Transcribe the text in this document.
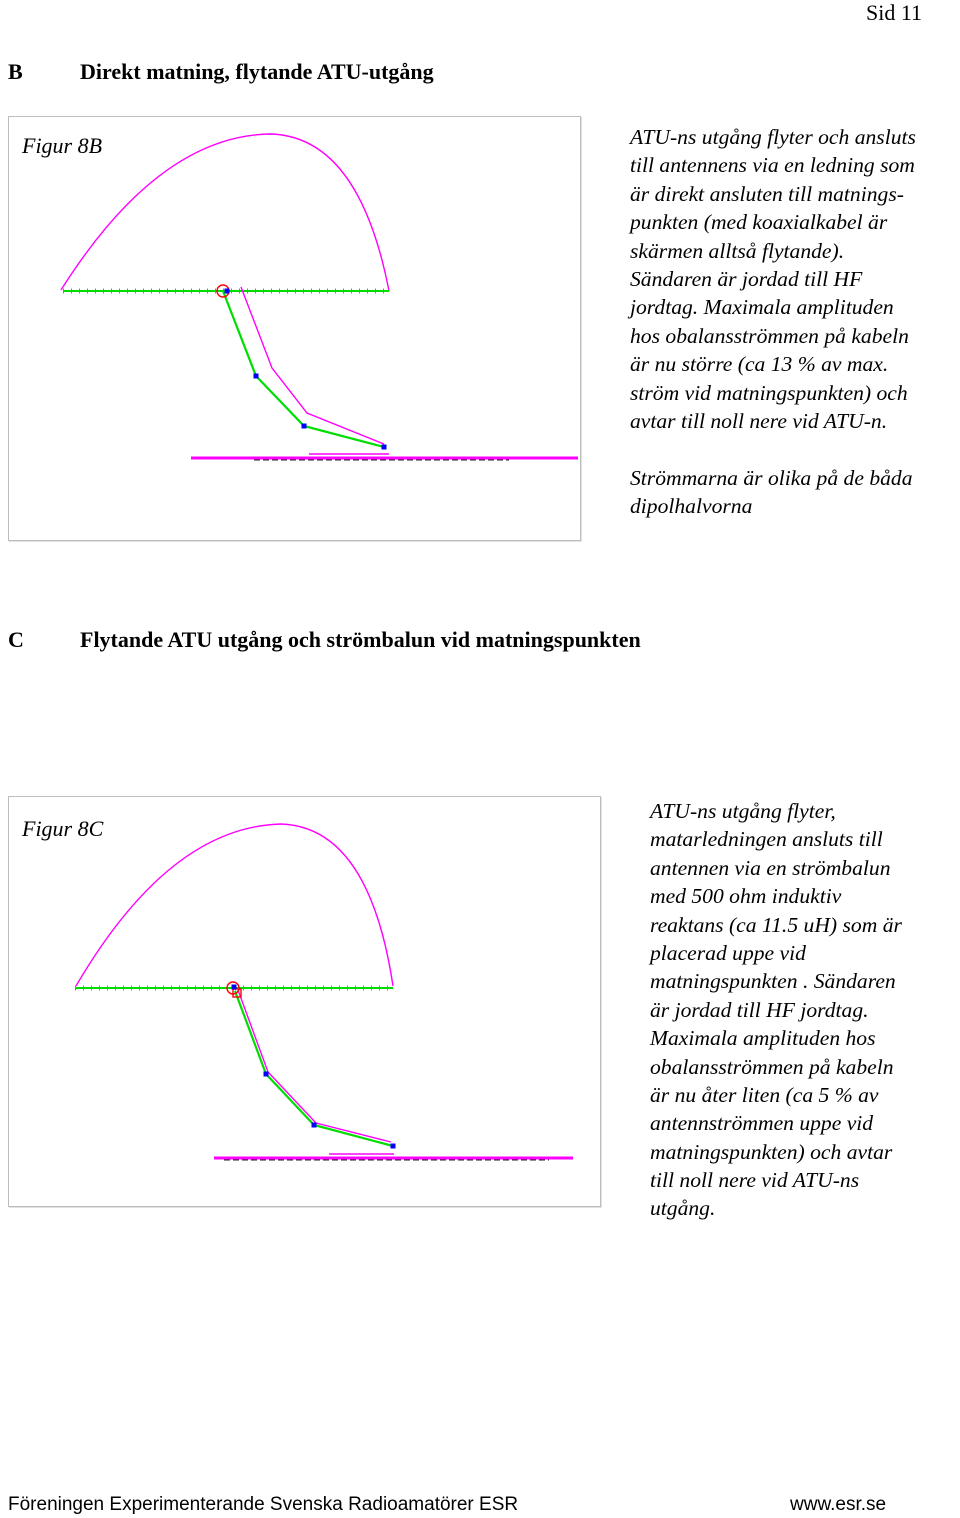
Sid 11
B	Direkt matning, flytande ATU-utgång
Figur 8B	ATU-ns utgång flyter och ansluts
till antennens via en ledning som
är direkt ansluten till matnings-
punkten (med koaxialkabel är
skärmen alltså flytande).
Sändaren är jordad till HF
jordtag. Maximala amplituden
hos obalansströmmen på kabeln
är nu större (ca 13 % av max.
ström vid matningspunkten) och
avtar till noll nere vid ATU-n.
Strömmarna är olika på de båda
dipolhalvorna
C	Flytande ATU utgång och strömbalun vid matningspunkten
Figur 8C
ATU-ns utgång flyter,
matarledningen ansluts till
antennen via en strömbalun
med 500 ohm induktiv
reaktans (ca 11.5 uH) som är
placerad uppe vid
matningspunkten . Sändaren
är jordad till HF jordtag.
Maximala amplituden hos
obalansströmmen på kabeln
är nu åter liten (ca 5 % av
antennströmmen uppe vid
matningspunkten) och avtar
till noll nere vid ATU-ns
utgång.
Föreningen Experimenterande Svenska Radioamatörer ESR	www.esr.se
